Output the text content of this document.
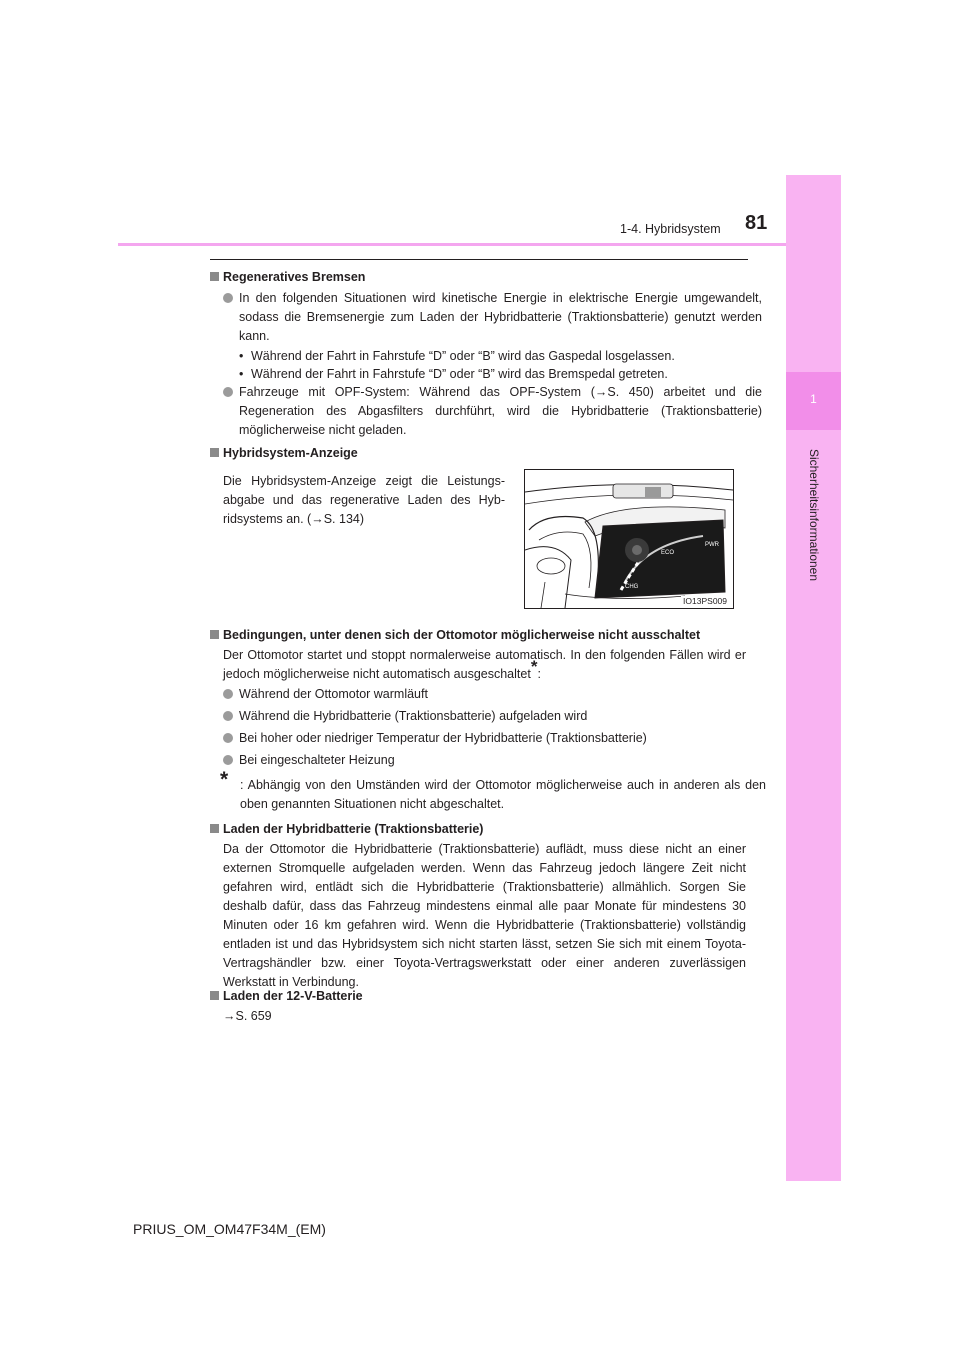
1-4. Hybridsystem 81
1
Sicherheitsinformationen
Regeneratives Bremsen
In den folgenden Situationen wird kinetische Energie in elektrische Energie umgewandelt, sodass die Bremsenergie zum Laden der Hybridbatterie (Traktionsbatterie) genutzt werden kann.
• Während der Fahrt in Fahrstufe “D” oder “B” wird das Gaspedal losgelassen.
• Während der Fahrt in Fahrstufe “D” oder “B” wird das Bremspedal getreten.
Fahrzeuge mit OPF-System: Während das OPF-System (→S. 450) arbeitet und die Regeneration des Abgasfilters durchführt, wird die Hybridbatterie (Traktionsbatterie) möglicherweise nicht geladen.
Hybridsystem-Anzeige
Die Hybridsystem-Anzeige zeigt die Leistungsabgabe und das regenerative Laden des Hybridsystems an. (→S. 134)
PWR
ECO
CHG
IO13PS009
Bedingungen, unter denen sich der Ottomotor möglicherweise nicht ausschaltet
Der Ottomotor startet und stoppt normalerweise automatisch. In den folgenden Fällen wird er jedoch möglicherweise nicht automatisch ausgeschaltet*:
Während der Ottomotor warmläuft
Während die Hybridbatterie (Traktionsbatterie) aufgeladen wird
Bei hoher oder niedriger Temperatur der Hybridbatterie (Traktionsbatterie)
Bei eingeschalteter Heizung
* : Abhängig von den Umständen wird der Ottomotor möglicherweise auch in anderen als den oben genannten Situationen nicht abgeschaltet.
Laden der Hybridbatterie (Traktionsbatterie)
Da der Ottomotor die Hybridbatterie (Traktionsbatterie) auflädt, muss diese nicht an einer externen Stromquelle aufgeladen werden. Wenn das Fahrzeug jedoch längere Zeit nicht gefahren wird, entlädt sich die Hybridbatterie (Traktionsbatterie) allmählich. Sorgen Sie deshalb dafür, dass das Fahrzeug mindestens einmal alle paar Monate für mindestens 30 Minuten oder 16 km gefahren wird. Wenn die Hybridbatterie (Traktionsbatterie) vollständig entladen ist und das Hybridsystem sich nicht starten lässt, setzen Sie sich mit einem Toyota-Vertragshändler bzw. einer Toyota-Vertragswerkstatt oder einer anderen zuverlässigen Werkstatt in Verbindung.
Laden der 12-V-Batterie
→S. 659
PRIUS_OM_OM47F34M_(EM)
